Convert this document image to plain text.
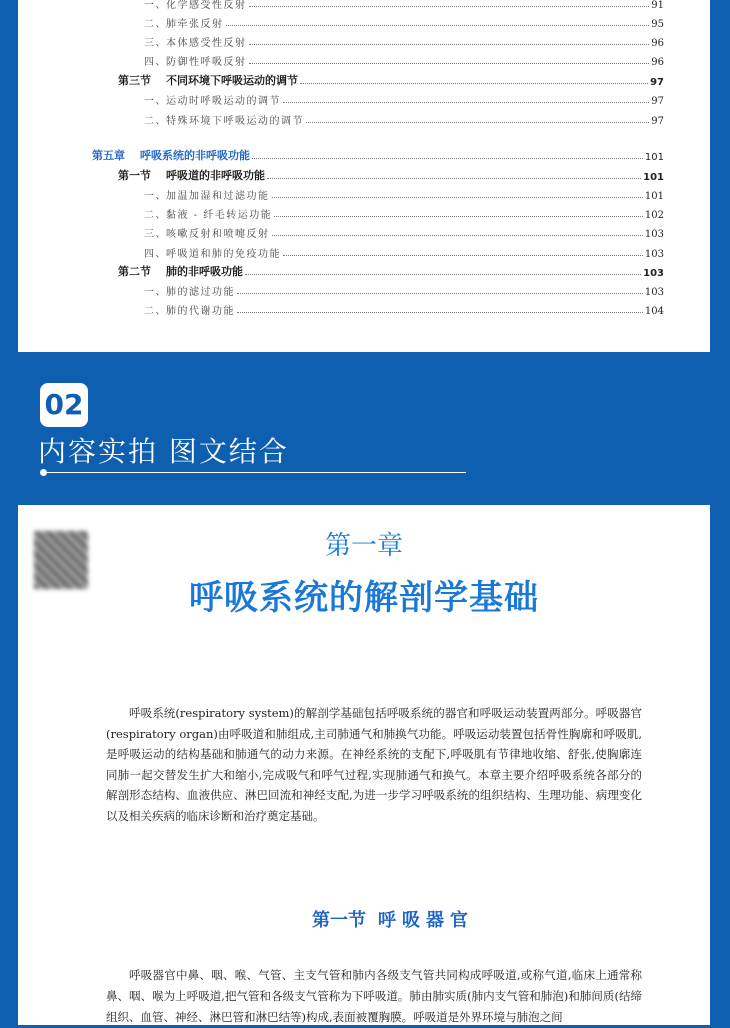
一、化学感受性反射	91
二、肺牵张反射	95
三、本体感受性反射	96
四、防御性呼吸反射	96
第三节 不同环境下呼吸运动的调节	97
一、运动时呼吸运动的调节	97
二、特殊环境下呼吸运动的调节	97
第五章 呼吸系统的非呼吸功能	101
第一节 呼吸道的非呼吸功能	101
一、加温加湿和过滤功能	101
二、黏液 - 纤毛转运功能	102
三、咳嗽反射和喷嚏反射	103
四、呼吸道和肺的免疫功能	103
第二节 肺的非呼吸功能	103
一、肺的滤过功能	103
二、肺的代谢功能	104
02
内容实拍 图文结合
第一章
呼吸系统的解剖学基础
呼吸系统(respiratory system)的解剖学基础包括呼吸系统的器官和呼吸运动装置两部分。呼吸器官(respiratory organ)由呼吸道和肺组成,主司肺通气和肺换气功能。呼吸运动装置包括骨性胸廓和呼吸肌,是呼吸运动的结构基础和肺通气的动力来源。在神经系统的支配下,呼吸肌有节律地收缩、舒张,使胸廓连同肺一起交替发生扩大和缩小,完成吸气和呼气过程,实现肺通气和换气。本章主要介绍呼吸系统各部分的解剖形态结构、血液供应、淋巴回流和神经支配,为进一步学习呼吸系统的组织结构、生理功能、病理变化以及相关疾病的临床诊断和治疗奠定基础。
第一节 呼吸器官
呼吸器官中鼻、咽、喉、气管、主支气管和肺内各级支气管共同构成呼吸道,或称气道,临床上通常称鼻、咽、喉为上呼吸道,把气管和各级支气管称为下呼吸道。肺由肺实质(肺内支气管和肺泡)和肺间质(结缔组织、血管、神经、淋巴管和淋巴结等)构成,表面被覆胸膜。呼吸道是外界环境与肺泡之间
